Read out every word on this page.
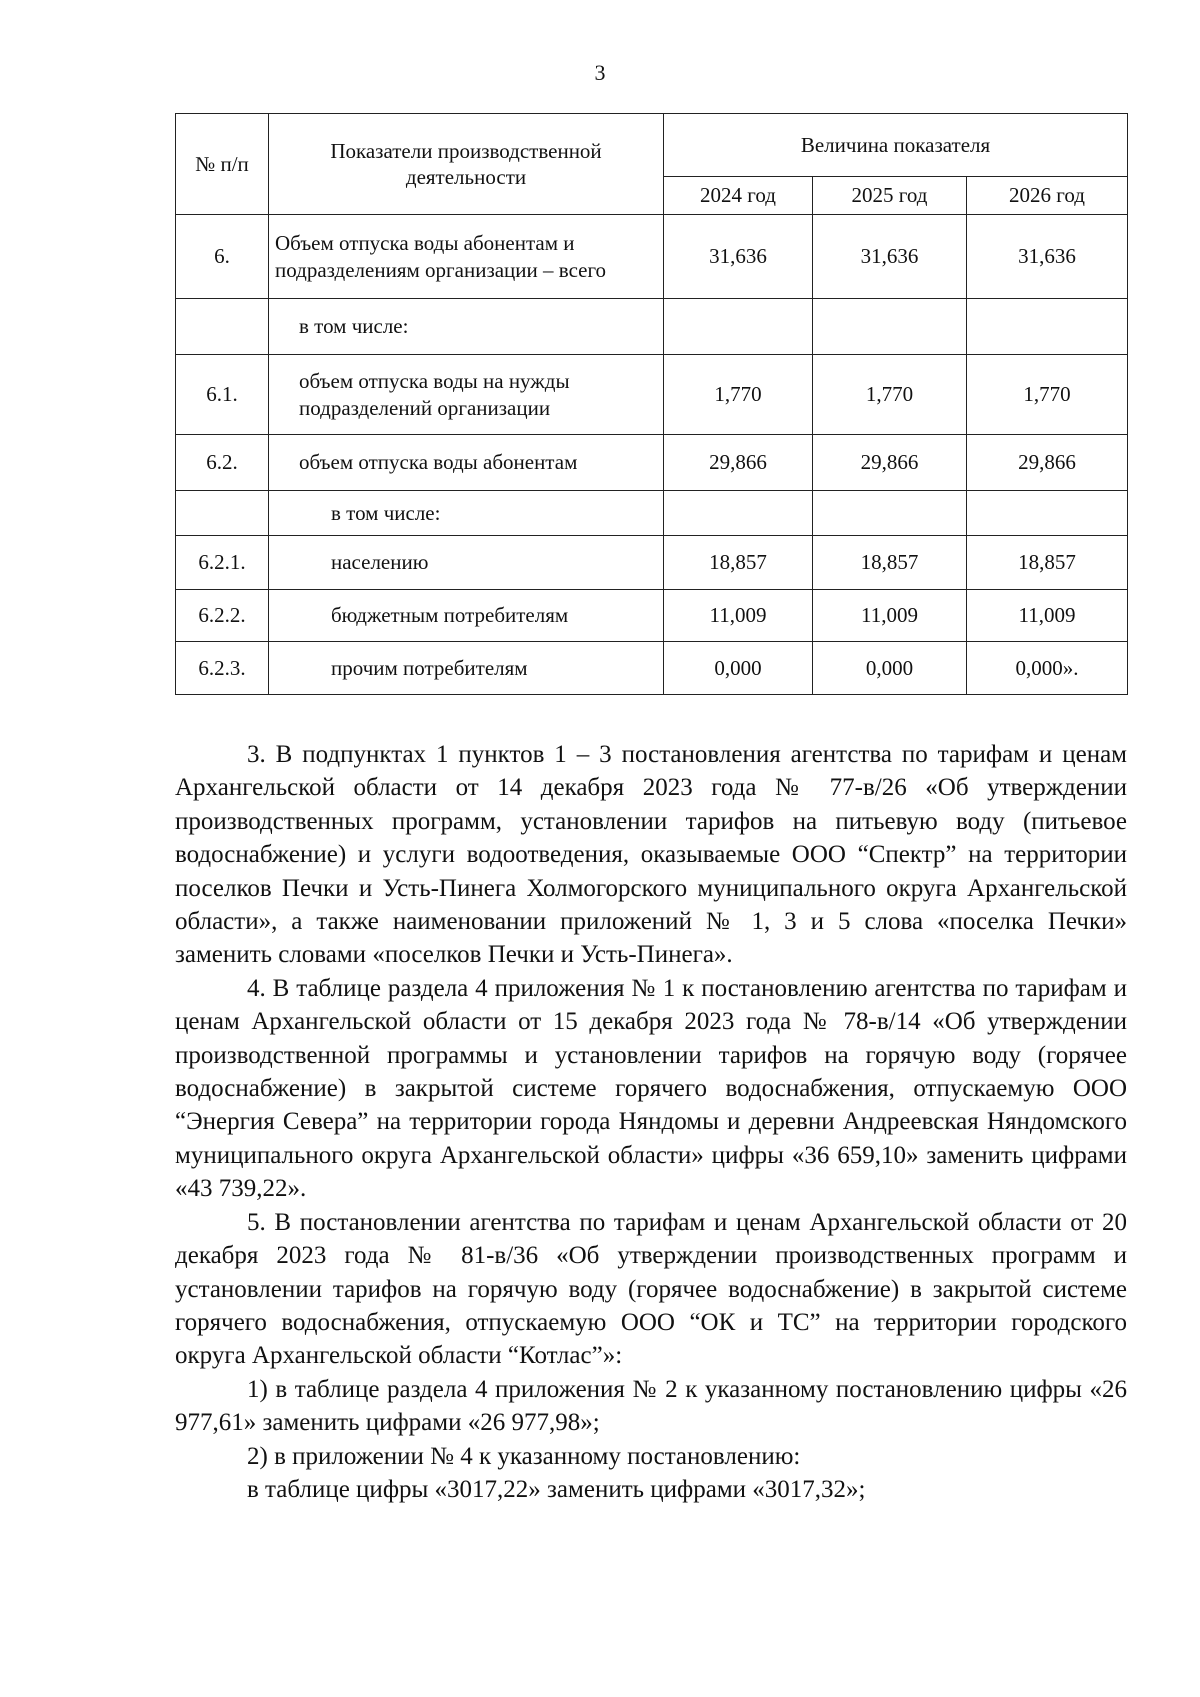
3
№ п/п	Показатели производственной деятельности	Величина показателя		
		2024 год	2025 год	2026 год
6.	Объем отпуска воды абонентам и подразделениям организации – всего	31,636	31,636	31,636
	в том числе:			
6.1.	объем отпуска воды на нужды подразделений организации	1,770	1,770	1,770
6.2.	объем отпуска воды абонентам	29,866	29,866	29,866
	в том числе:			
6.2.1.	населению	18,857	18,857	18,857
6.2.2.	бюджетным потребителям	11,009	11,009	11,009
6.2.3.	прочим потребителям	0,000	0,000	0,000».

3. В подпунктах 1 пунктов 1 – 3 постановления агентства по тарифам и ценам Архангельской области от 14 декабря 2023 года № 77-в/26 «Об утверждении производственных программ, установлении тарифов на питьевую воду (питьевое водоснабжение) и услуги водоотведения, оказываемые ООО “Спектр” на территории поселков Печки и Усть-Пинега Холмогорского муниципального округа Архангельской области», а также наименовании приложений № 1, 3 и 5 слова «поселка Печки» заменить словами «поселков Печки и Усть-Пинега».

4. В таблице раздела 4 приложения № 1 к постановлению агентства по тарифам и ценам Архангельской области от 15 декабря 2023 года № 78-в/14 «Об утверждении производственной программы и установлении тарифов на горячую воду (горячее водоснабжение) в закрытой системе горячего водоснабжения, отпускаемую ООО “Энергия Севера” на территории города Няндомы и деревни Андреевская Няндомского муниципального округа Архангельской области» цифры «36 659,10» заменить цифрами «43 739,22».

5. В постановлении агентства по тарифам и ценам Архангельской области от 20 декабря 2023 года № 81-в/36 «Об утверждении производственных программ и установлении тарифов на горячую воду (горячее водоснабжение) в закрытой системе горячего водоснабжения, отпускаемую ООО “ОК и ТС” на территории городского округа Архангельской области “Котлас”»:

1) в таблице раздела 4 приложения № 2 к указанному постановлению цифры «26 977,61» заменить цифрами «26 977,98»;

2) в приложении № 4 к указанному постановлению:

в таблице цифры «3017,22» заменить цифрами «3017,32»;
